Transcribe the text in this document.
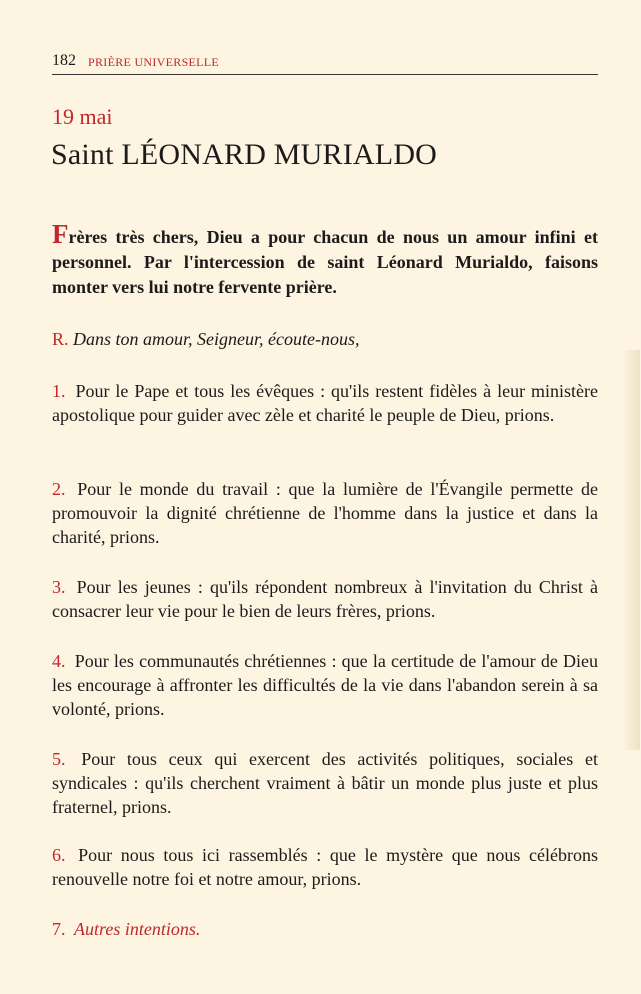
182 PRIÈRE UNIVERSELLE
19 mai
Saint LÉONARD MURIALDO

Frères très chers, Dieu a pour chacun de nous un amour infini et personnel. Par l'intercession de saint Léonard Murialdo, faisons monter vers lui notre fervente prière.

R. Dans ton amour, Seigneur, écoute-nous,

1. Pour le Pape et tous les évêques : qu'ils restent fidèles à leur ministère apostolique pour guider avec zèle et charité le peuple de Dieu, prions.

2. Pour le monde du travail : que la lumière de l'Évangile permette de promouvoir la dignité chrétienne de l'homme dans la justice et dans la charité, prions.

3. Pour les jeunes : qu'ils répondent nombreux à l'invitation du Christ à consacrer leur vie pour le bien de leurs frères, prions.

4. Pour les communautés chrétiennes : que la certitude de l'amour de Dieu les encourage à affronter les difficultés de la vie dans l'abandon serein à sa volonté, prions.

5. Pour tous ceux qui exercent des activités politiques, sociales et syndicales : qu'ils cherchent vraiment à bâtir un monde plus juste et plus fraternel, prions.

6. Pour nous tous ici rassemblés : que le mystère que nous célébrons renouvelle notre foi et notre amour, prions.

7. Autres intentions.
